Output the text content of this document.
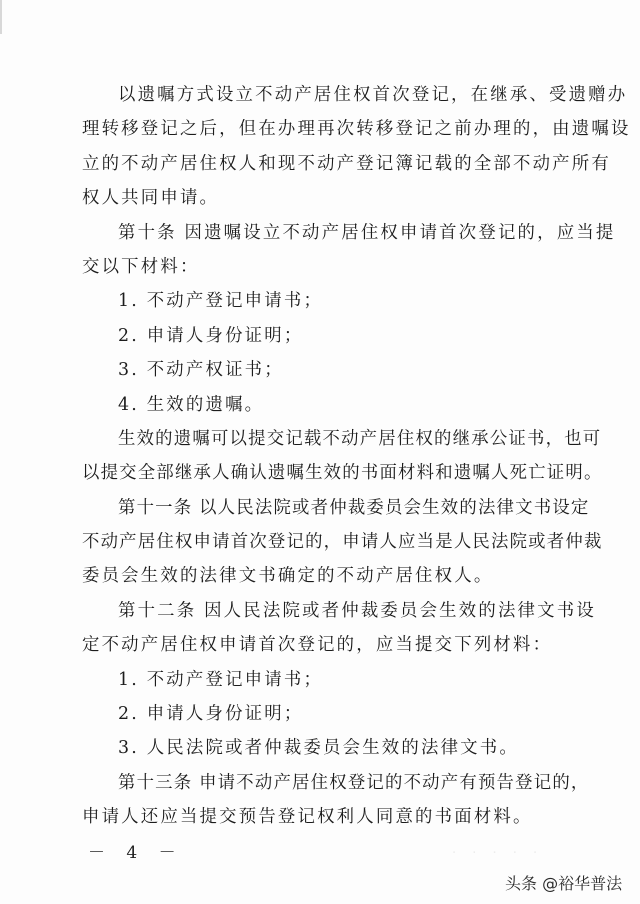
以遗嘱方式设立不动产居住权首次登记，在继承、受遗赠办
理转移登记之后，但在办理再次转移登记之前办理的，由遗嘱设
立的不动产居住权人和现不动产登记簿记载的全部不动产所有
权人共同申请。
第十条 因遗嘱设立不动产居住权申请首次登记的，应当提
交以下材料：
1. 不动产登记申请书；
2. 申请人身份证明；
3. 不动产权证书；
4. 生效的遗嘱。
生效的遗嘱可以提交记载不动产居住权的继承公证书，也可
以提交全部继承人确认遗嘱生效的书面材料和遗嘱人死亡证明。
第十一条 以人民法院或者仲裁委员会生效的法律文书设定
不动产居住权申请首次登记的，申请人应当是人民法院或者仲裁
委员会生效的法律文书确定的不动产居住权人。
第十二条 因人民法院或者仲裁委员会生效的法律文书设
定不动产居住权申请首次登记的，应当提交下列材料：
1. 不动产登记申请书；
2. 申请人身份证明；
3. 人民法院或者仲裁委员会生效的法律文书。
第十三条 申请不动产居住权登记的不动产有预告登记的，
申请人还应当提交预告登记权利人同意的书面材料。
－ 4 －	· · · · ·
头条 @裕华普法
